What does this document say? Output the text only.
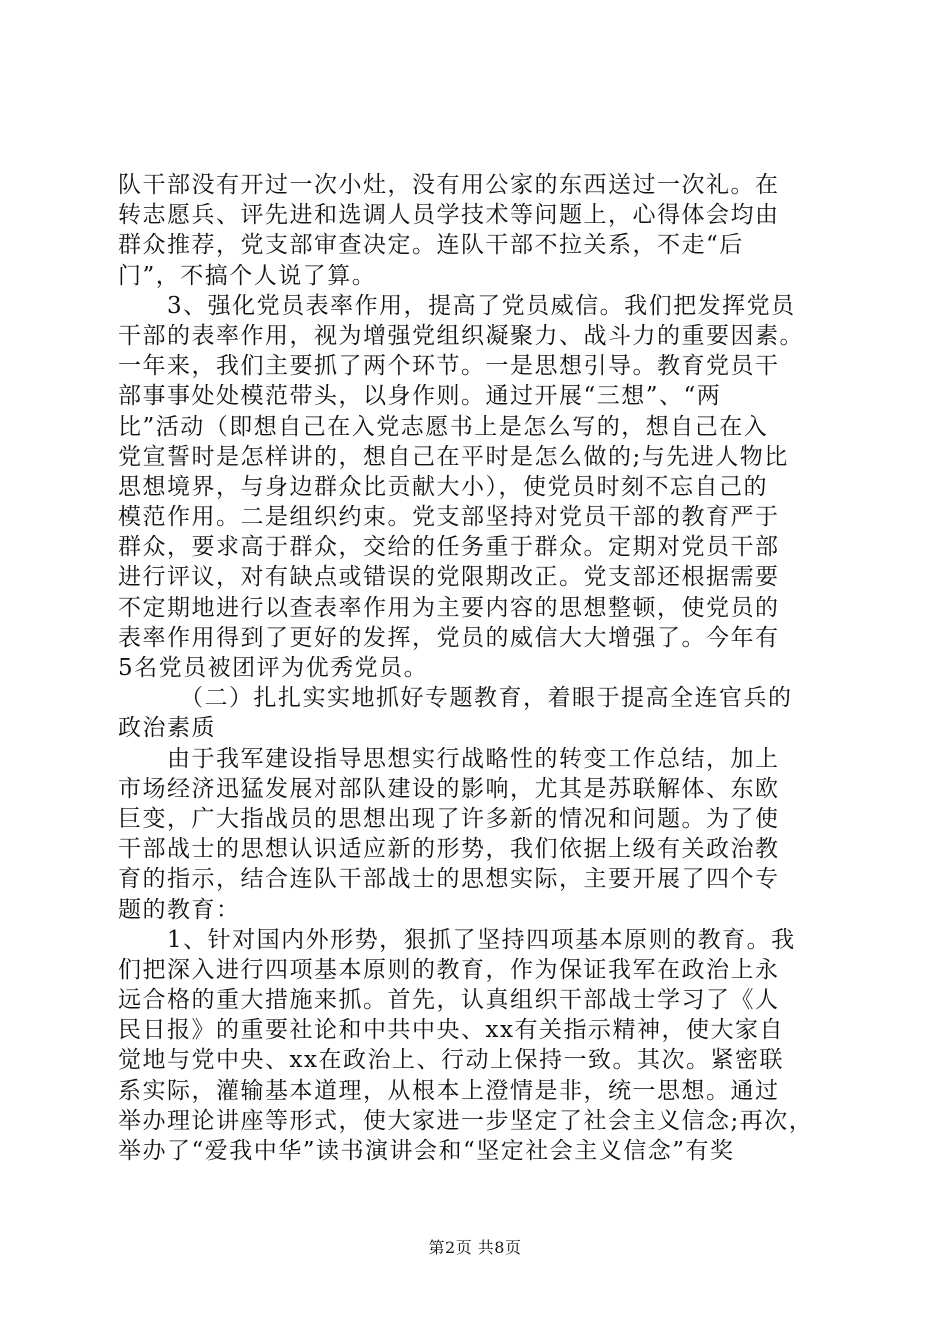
队干部没有开过一次小灶，没有用公家的东西送过一次礼。在
转志愿兵、评先进和选调人员学技术等问题上，心得体会均由
群众推荐，党支部审查决定。连队干部不拉关系，不走“后
门”，不搞个人说了算。
　　3、强化党员表率作用，提高了党员威信。我们把发挥党员
干部的表率作用，视为增强党组织凝聚力、战斗力的重要因素。
一年来，我们主要抓了两个环节。一是思想引导。教育党员干
部事事处处模范带头，以身作则。通过开展“三想”、“两
比”活动（即想自己在入党志愿书上是怎么写的，想自己在入
党宣誓时是怎样讲的，想自己在平时是怎么做的;与先进人物比
思想境界，与身边群众比贡献大小），使党员时刻不忘自己的
模范作用。二是组织约束。党支部坚持对党员干部的教育严于
群众，要求高于群众，交给的任务重于群众。定期对党员干部
进行评议，对有缺点或错误的党限期改正。党支部还根据需要
不定期地进行以查表率作用为主要内容的思想整顿，使党员的
表率作用得到了更好的发挥，党员的威信大大增强了。今年有
5名党员被团评为优秀党员。
　　　（二）扎扎实实地抓好专题教育，着眼于提高全连官兵的
政治素质
　　由于我军建设指导思想实行战略性的转变工作总结，加上
市场经济迅猛发展对部队建设的影响，尤其是苏联解体、东欧
巨变，广大指战员的思想出现了许多新的情况和问题。为了使
干部战士的思想认识适应新的形势，我们依据上级有关政治教
育的指示，结合连队干部战士的思想实际，主要开展了四个专
题的教育：
　　1、针对国内外形势，狠抓了坚持四项基本原则的教育。我
们把深入进行四项基本原则的教育，作为保证我军在政治上永
远合格的重大措施来抓。首先，认真组织干部战士学习了《人
民日报》的重要社论和中共中央、xx有关指示精神，使大家自
觉地与党中央、xx在政治上、行动上保持一致。其次。紧密联
系实际，灌输基本道理，从根本上澄情是非，统一思想。通过
举办理论讲座等形式，使大家进一步坚定了社会主义信念;再次，
举办了“爱我中华”读书演讲会和“坚定社会主义信念”有奖
第2页 共8页
